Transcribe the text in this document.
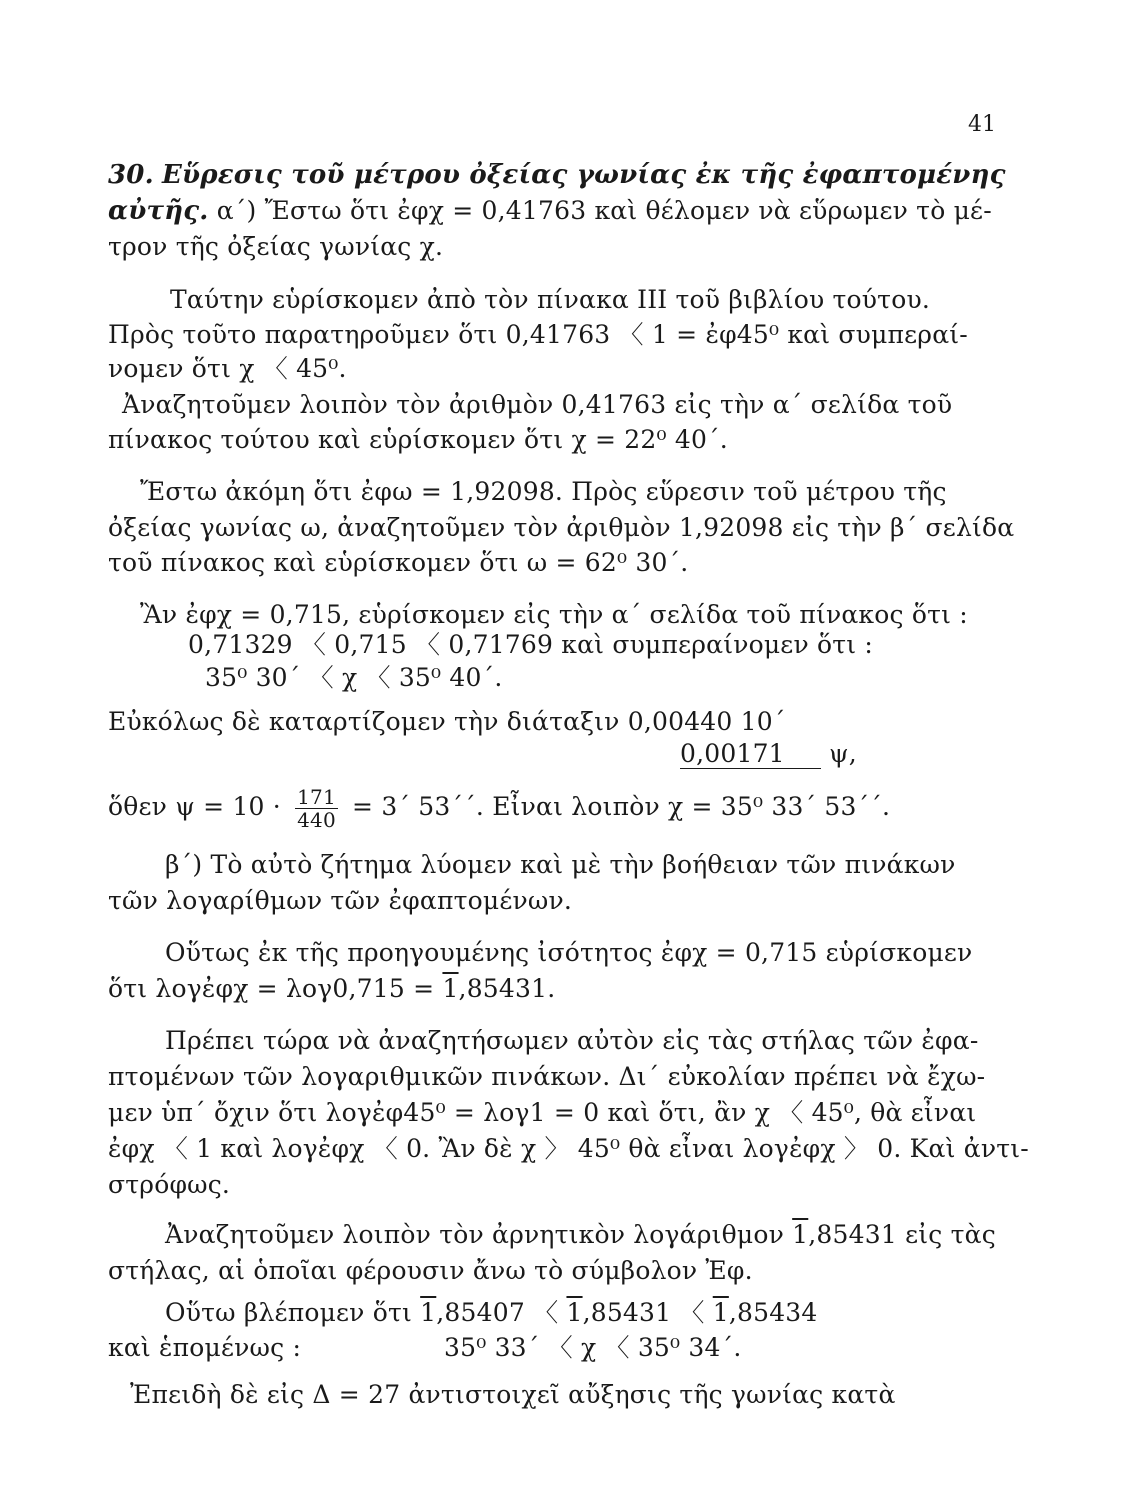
41
30. Εὕρεσις τοῦ μέτρου ὀξείας γωνίας ἐκ τῆς ἐφαπτομένης
αὐτῆς. α΄) Ἔστω ὅτι ἐφχ = 0,41763 καὶ θέλομεν νὰ εὕρωμεν τὸ μέ-
τρον τῆς ὀξείας γωνίας χ.
Ταύτην εὑρίσκομεν ἀπὸ τὸν πίνακα ΙΙΙ τοῦ βιβλίου τούτου.
Πρὸς τοῦτο παρατηροῦμεν ὅτι 0,41763 〈 1 = ἐφ45⁰ καὶ συμπεραί-
νομεν ὅτι χ 〈 45⁰.
Ἀναζητοῦμεν λοιπὸν τὸν ἀριθμὸν 0,41763 εἰς τὴν α΄ σελίδα τοῦ
πίνακος τούτου καὶ εὑρίσκομεν ὅτι χ = 22⁰ 40΄.
Ἔστω ἀκόμη ὅτι ἐφω = 1,92098. Πρὸς εὕρεσιν τοῦ μέτρου τῆς
ὀξείας γωνίας ω, ἀναζητοῦμεν τὸν ἀριθμὸν 1,92098 εἰς τὴν β΄ σελίδα
τοῦ πίνακος καὶ εὑρίσκομεν ὅτι ω = 62⁰ 30΄.
Ἂν ἐφχ = 0,715, εὑρίσκομεν εἰς τὴν α΄ σελίδα τοῦ πίνακος ὅτι :
0,71329 〈 0,715 〈 0,71769 καὶ συμπεραίνομεν ὅτι :
35⁰ 30΄ 〈 χ 〈 35⁰ 40΄.
Εὐκόλως δὲ καταρτίζομεν τὴν διάταξιν 0,00440 10΄
0,00171 ψ,
ὅθεν $\psi = 10 \cdot \frac{171}{440} = 3΄$ 53΄΄. Εἶναι λοιπὸν χ = 35⁰ 33΄ 53΄΄.
β΄) Τὸ αὐτὸ ζήτημα λύομεν καὶ μὲ τὴν βοήθειαν τῶν πινάκων
τῶν λογαρίθμων τῶν ἐφαπτομένων.
Οὕτως ἐκ τῆς προηγουμένης ἰσότητος ἐφχ = 0,715 εὑρίσκομεν
ὅτι λογἐφχ = λογ0,715 = 1,85431.
Πρέπει τώρα νὰ ἀναζητήσωμεν αὐτὸν εἰς τὰς στήλας τῶν ἐφα-
πτομένων τῶν λογαριθμικῶν πινάκων. Δι΄ εὐκολίαν πρέπει νὰ ἔχω-
μεν ὑπ΄ ὄχιν ὅτι λογἐφ45⁰ = λογ1 = 0 καὶ ὅτι, ἂν χ 〈 45⁰, θὰ εἶναι
ἐφχ 〈 1 καὶ λογἐφχ 〈 0. Ἂν δὲ χ 〉 45⁰ θὰ εἶναι λογἐφχ 〉 0. Καὶ ἀντι-
στρόφως.
Ἀναζητοῦμεν λοιπὸν τὸν ἀρνητικὸν λογάριθμον 1,85431 εἰς τὰς
στήλας, αἱ ὁποῖαι φέρουσιν ἄνω τὸ σύμβολον Ἐφ.
Οὕτω βλέπομεν ὅτι 1,85407 〈 1,85431 〈 1,85434
καὶ ἑπομένως :	35⁰ 33΄ 〈 χ 〈 35⁰ 34΄.
Ἐπειδὴ δὲ εἰς Δ = 27 ἀντιστοιχεῖ αὔξησις τῆς γωνίας κατὰ
